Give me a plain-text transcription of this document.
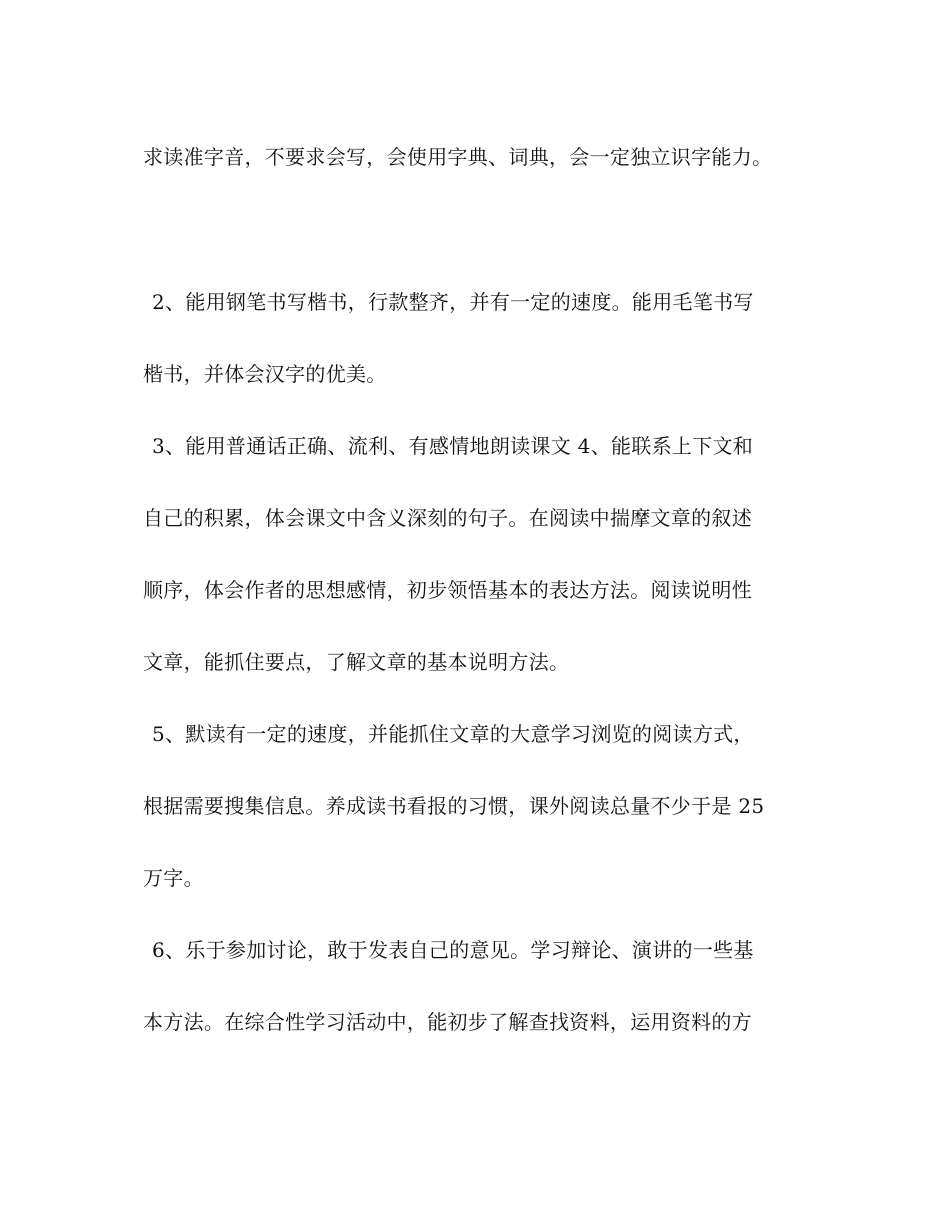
求读准字音，不要求会写，会使用字典、词典，会一定独立识字能力。
2、能用钢笔书写楷书，行款整齐，并有一定的速度。能用毛笔书写
楷书，并体会汉字的优美。
3、能用普通话正确、流利、有感情地朗读课文 4、能联系上下文和
自己的积累，体会课文中含义深刻的句子。在阅读中揣摩文章的叙述
顺序，体会作者的思想感情，初步领悟基本的表达方法。阅读说明性
文章，能抓住要点，了解文章的基本说明方法。
5、默读有一定的速度，并能抓住文章的大意学习浏览的阅读方式，
根据需要搜集信息。养成读书看报的习惯，课外阅读总量不少于是 25
万字。
6、乐于参加讨论，敢于发表自己的意见。学习辩论、演讲的一些基
本方法。在综合性学习活动中，能初步了解查找资料，运用资料的方
